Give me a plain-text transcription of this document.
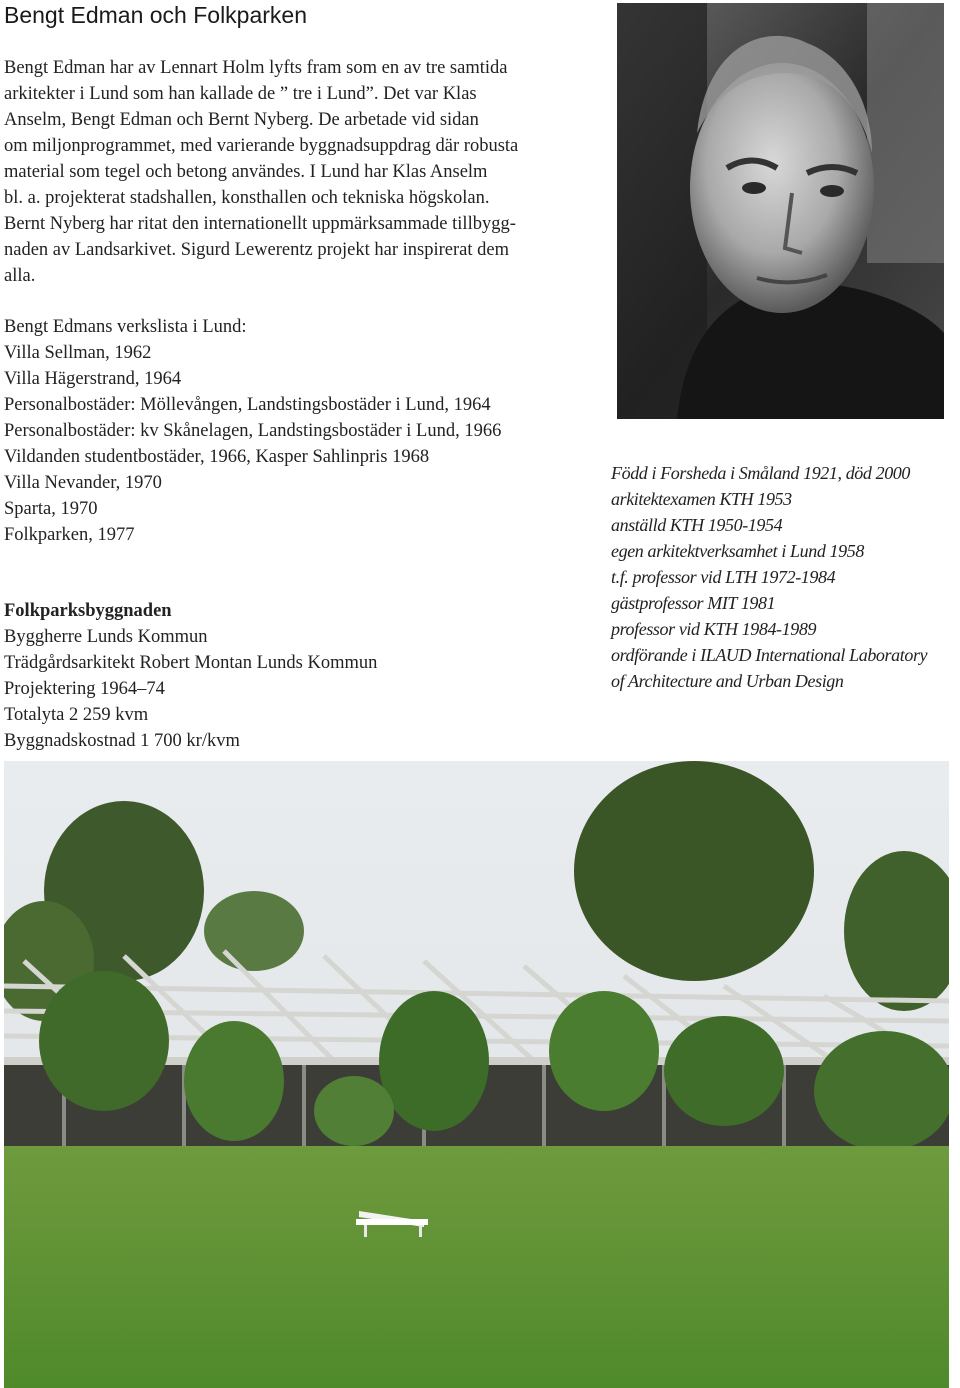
Bengt Edman och Folkparken
Bengt Edman har av Lennart Holm lyfts fram som en av tre samtida
arkitekter i Lund som han kallade de ” tre i Lund”. Det var Klas
Anselm, Bengt Edman och Bernt Nyberg. De arbetade vid sidan
om miljonprogrammet, med varierande byggnadsuppdrag där robusta
material som tegel och betong användes. I Lund har Klas Anselm
bl. a. projekterat stadshallen, konsthallen och tekniska högskolan.
Bernt Nyberg har ritat den internationellt uppmärksammade tillbygg-
naden av Landsarkivet. Sigurd Lewerentz projekt har inspirerat dem
alla.
Bengt Edmans verkslista i Lund:
Villa Sellman, 1962
Villa Hägerstrand, 1964
Personalbostäder: Möllevången, Landstingsbostäder i Lund, 1964
Personalbostäder: kv Skånelagen, Landstingsbostäder i Lund, 1966
Vildanden studentbostäder, 1966, Kasper Sahlinpris 1968
Villa Nevander, 1970
Sparta, 1970
Folkparken, 1977
Folkparksbyggnaden
Byggherre Lunds Kommun
Trädgårdsarkitekt Robert Montan Lunds Kommun
Projektering 1964–74
Totalyta 2 259 kvm
Byggnadskostnad 1 700 kr/kvm
Född i Forsheda i Småland 1921, död 2000
arkitektexamen KTH 1953
anställd KTH 1950-1954
egen arkitektverksamhet i Lund 1958
t.f. professor vid LTH 1972-1984
gästprofessor MIT 1981
professor vid KTH 1984-1989
ordförande i ILAUD International Laboratory
of Architecture and Urban Design
